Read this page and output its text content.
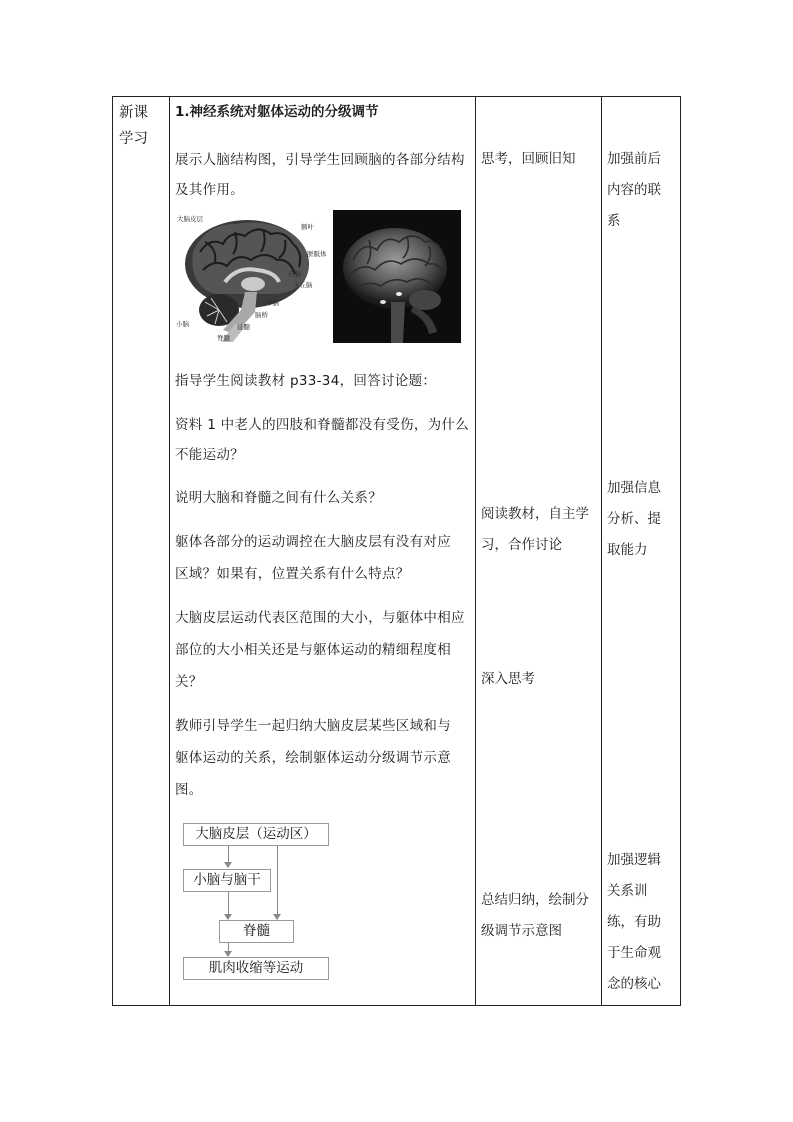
新课
学习
1.神经系统对躯体运动的分级调节
展示人脑结构图，引导学生回顾脑的各部分结构
及其作用。
大脑皮层
额叶
胼胝体
丘脑
下丘脑
中脑
脑桥
延髓
小脑
脊髓
指导学生阅读教材 p33-34，回答讨论题：
资料 1 中老人的四肢和脊髓都没有受伤，为什么
不能运动？
说明大脑和脊髓之间有什么关系？
躯体各部分的运动调控在大脑皮层有没有对应
区域？如果有，位置关系有什么特点？
大脑皮层运动代表区范围的大小，与躯体中相应
部位的大小相关还是与躯体运动的精细程度相
关？
教师引导学生一起归纳大脑皮层某些区域和与
躯体运动的关系，绘制躯体运动分级调节示意
图。
大脑皮层（运动区）
小脑与脑干
脊髓
肌肉收缩等运动
思考，回顾旧知
阅读教材，自主学
习，合作讨论
深入思考
总结归纳，绘制分
级调节示意图
加强前后
内容的联
系
加强信息
分析、提
取能力
加强逻辑
关系训
练，有助
于生命观
念的核心
